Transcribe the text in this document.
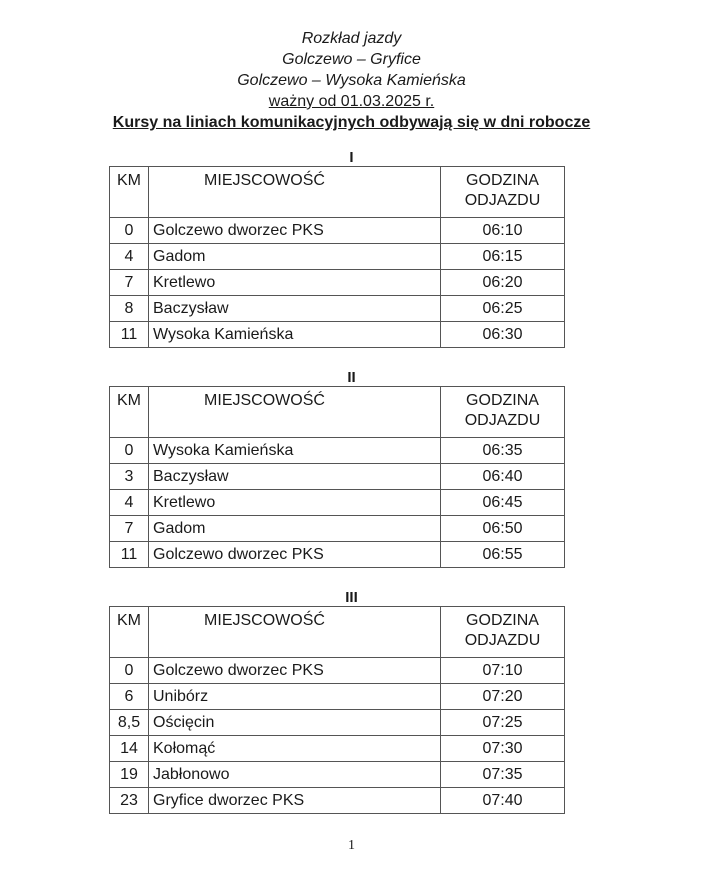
Rozkład jazdy
Golczewo – Gryfice
Golczewo – Wysoka Kamieńska
ważny od 01.03.2025 r.
Kursy na liniach komunikacyjnych odbywają się w dni robocze
I
KM	MIEJSCOWOŚĆ	GODZINA
ODJAZDU

0	Golczewo dworzec PKS	06:10
4	Gadom	06:15
7	Kretlewo	06:20
8	Baczysław	06:25
11	Wysoka Kamieńska	06:30
II
KM	MIEJSCOWOŚĆ	GODZINA
ODJAZDU

0	Wysoka Kamieńska	06:35
3	Baczysław	06:40
4	Kretlewo	06:45
7	Gadom	06:50
11	Golczewo dworzec PKS	06:55
III
KM	MIEJSCOWOŚĆ	GODZINA
ODJAZDU

0	Golczewo dworzec PKS	07:10
6	Unibórz	07:20
8,5	Ościęcin	07:25
14	Kołomąć	07:30
19	Jabłonowo	07:35
23	Gryfice dworzec PKS	07:40
1
